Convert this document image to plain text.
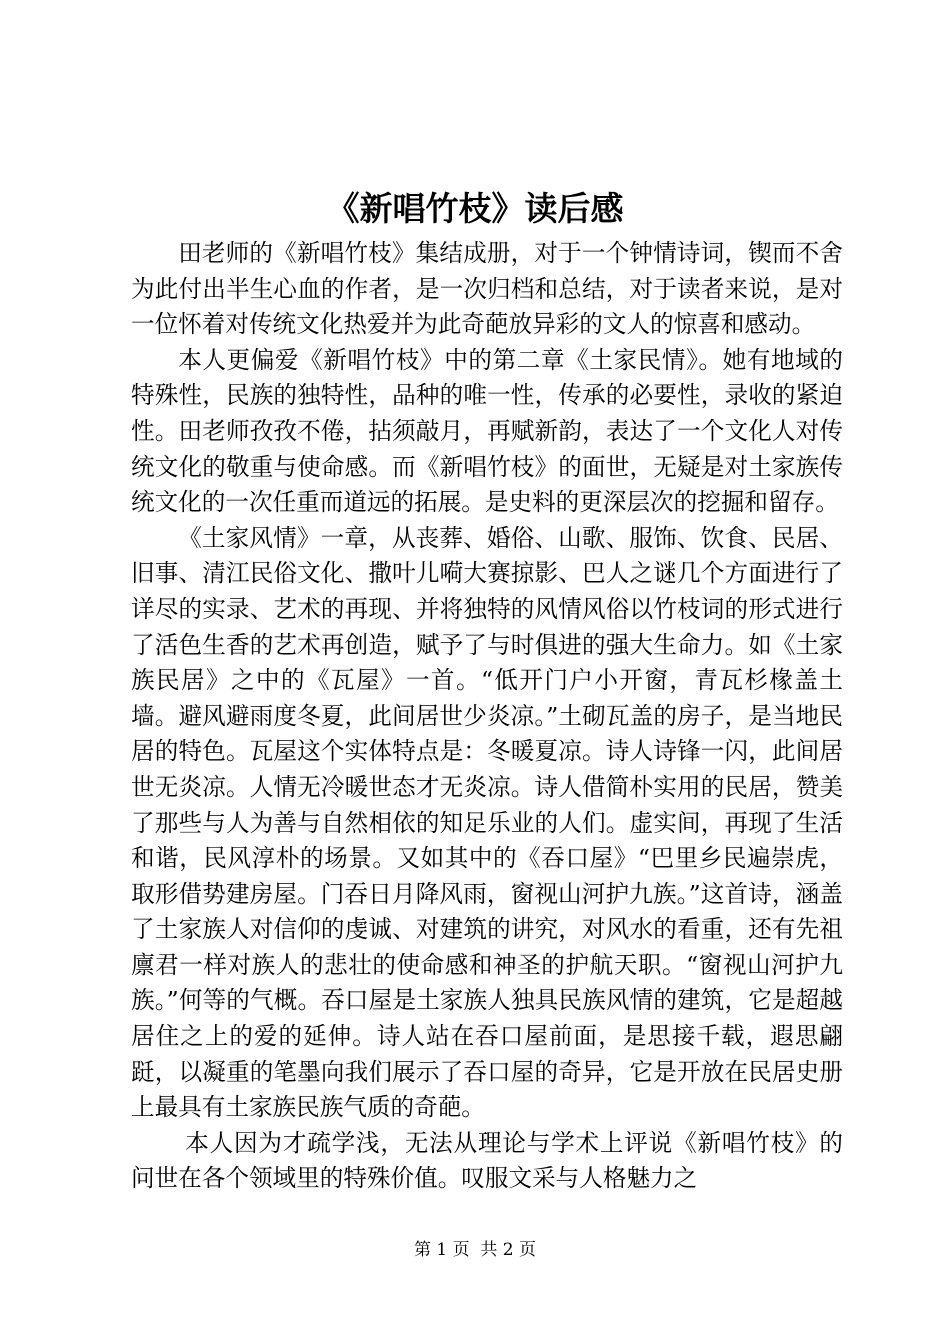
《新唱竹枝》读后感

田老师的《新唱竹枝》集结成册，对于一个钟情诗词，锲而不舍为此付出半生心血的作者，是一次归档和总结，对于读者来说，是对一位怀着对传统文化热爱并为此奇葩放异彩的文人的惊喜和感动。

本人更偏爱《新唱竹枝》中的第二章《土家民情》。她有地域的特殊性，民族的独特性，品种的唯一性，传承的必要性，录收的紧迫性。田老师孜孜不倦，拈须敲月，再赋新韵，表达了一个文化人对传统文化的敬重与使命感。而《新唱竹枝》的面世，无疑是对土家族传统文化的一次任重而道远的拓展。是史料的更深层次的挖掘和留存。

《土家风情》一章，从丧葬、婚俗、山歌、服饰、饮食、民居、旧事、清江民俗文化、撒叶儿嗬大赛掠影、巴人之谜几个方面进行了详尽的实录、艺术的再现、并将独特的风情风俗以竹枝词的形式进行了活色生香的艺术再创造，赋予了与时俱进的强大生命力。如《土家族民居》之中的《瓦屋》一首。“低开门户小开窗，青瓦杉椽盖土墙。避风避雨度冬夏，此间居世少炎凉。”土砌瓦盖的房子，是当地民居的特色。瓦屋这个实体特点是：冬暖夏凉。诗人诗锋一闪，此间居世无炎凉。人情无冷暖世态才无炎凉。诗人借简朴实用的民居，赞美了那些与人为善与自然相依的知足乐业的人们。虚实间，再现了生活和谐，民风淳朴的场景。又如其中的《吞口屋》“巴里乡民遍崇虎，取形借势建房屋。门吞日月降风雨，窗视山河护九族。”这首诗，涵盖了土家族人对信仰的虔诚、对建筑的讲究，对风水的看重，还有先祖廪君一样对族人的悲壮的使命感和神圣的护航天职。“窗视山河护九族。”何等的气概。吞口屋是土家族人独具民族风情的建筑，它是超越居住之上的爱的延伸。诗人站在吞口屋前面，是思接千载，遐思翩跹，以凝重的笔墨向我们展示了吞口屋的奇异，它是开放在民居史册上最具有土家族民族气质的奇葩。

本人因为才疏学浅，无法从理论与学术上评说《新唱竹枝》的问世在各个领域里的特殊价值。叹服文采与人格魅力之

第 1 页  共 2 页
